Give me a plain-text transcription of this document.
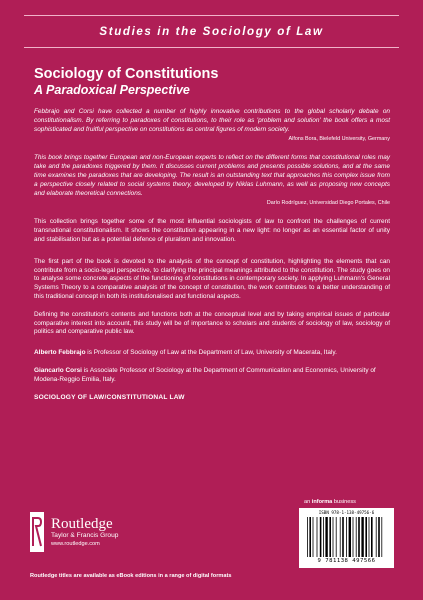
Studies in the Sociology of Law
Sociology of Constitutions
A Paradoxical Perspective

Febbrajo and Corsi have collected a number of highly innovative contributions to the global scholarly debate on constitutionalism. By referring to paradoxes of constitutions, to their role as 'problem and solution' the book offers a most sophisticated and fruitful perspective on constitutions as central figures of modern society.

Alfons Bora, Bielefeld University, Germany

This book brings together European and non-European experts to reflect on the different forms that constitutional roles may take and the paradoxes triggered by them. It discusses current problems and presents possible solutions, and at the same time examines the paradoxes that are developing. The result is an outstanding text that approaches this complex issue from a perspective closely related to social systems theory, developed by Niklas Luhmann, as well as proposing new concepts and elaborate theoretical connections.

Darío Rodríguez, Universidad Diego Portales, Chile

This collection brings together some of the most influential sociologists of law to confront the challenges of current transnational constitutionalism. It shows the constitution appearing in a new light: no longer as an essential factor of unity and stabilisation but as a potential defence of pluralism and innovation.

The first part of the book is devoted to the analysis of the concept of constitution, highlighting the elements that can contribute from a socio-legal perspective, to clarifying the principal meanings attributed to the constitution. The study goes on to analyse some concrete aspects of the functioning of constitutions in contemporary society. In applying Luhmann's General Systems Theory to a comparative analysis of the concept of constitution, the work contributes to a better understanding of this traditional concept in both its institutionalised and functional aspects.

Defining the constitution's contents and functions both at the conceptual level and by taking empirical issues of particular comparative interest into account, this study will be of importance to scholars and students of sociology of law, sociology of politics and comparative public law.

Alberto Febbrajo is Professor of Sociology of Law at the Department of Law, University of Macerata, Italy.

Giancarlo Corsi is Associate Professor of Sociology at the Department of Communication and Economics, University of Modena-Reggio Emilia, Italy.

SOCIOLOGY OF LAW/CONSTITUTIONAL LAW
an informa business
ISBN 978-1-138-49756-6
9 781138 497566
Routledge
Taylor & Francis Group
www.routledge.com
Routledge titles are available as eBook editions in a range of digital formats
